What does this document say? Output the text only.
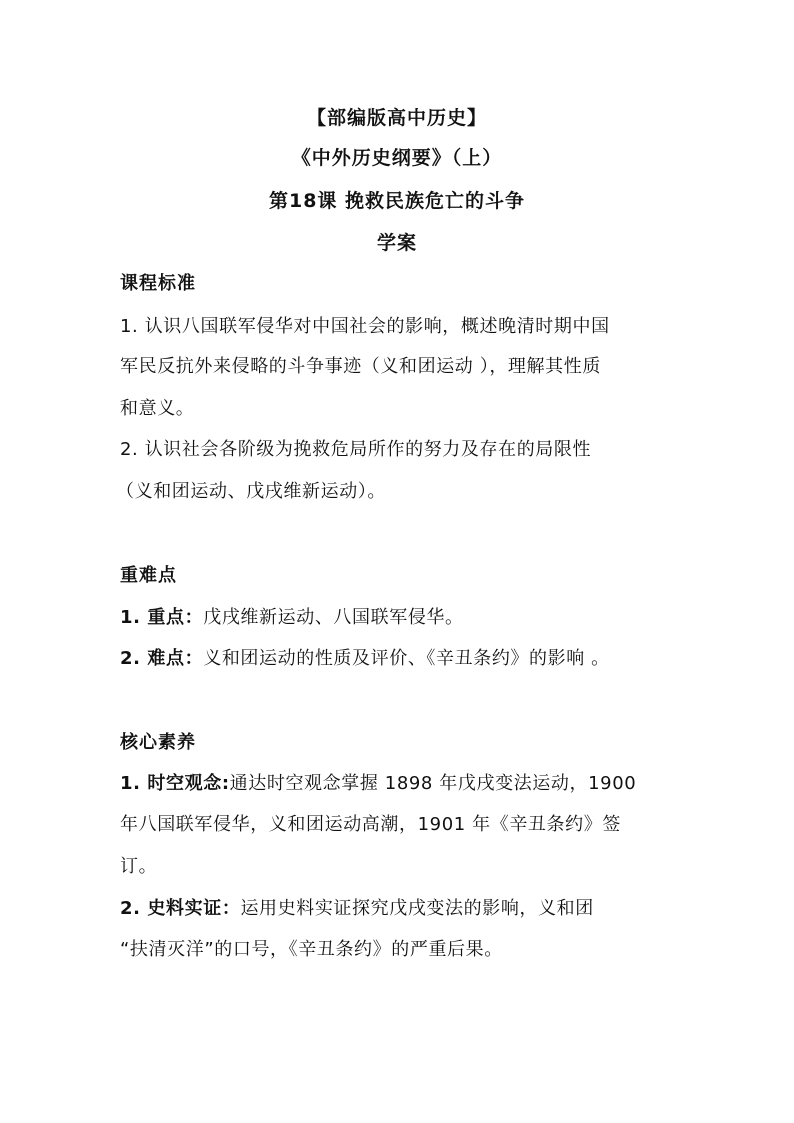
【部编版高中历史】
《中外历史纲要》（上）
第18课 挽救民族危亡的斗争
学案
课程标准
1. 认识八国联军侵华对中国社会的影响，概述晚清时期中国
军民反抗外来侵略的斗争事迹（义和团运动 ），理解其性质
和意义。
2. 认识社会各阶级为挽救危局所作的努力及存在的局限性
（义和团运动、戊戌维新运动）。
重难点
1. 重点：戊戌维新运动、八国联军侵华。
2. 难点：义和团运动的性质及评价、《辛丑条约》的影响 。
核心素养
1. 时空观念:通达时空观念掌握 1898 年戊戌变法运动，1900
年八国联军侵华，义和团运动高潮，1901 年《辛丑条约》签
订。
2. 史料实证：运用史料实证探究戊戌变法的影响，义和团
“扶清灭洋”的口号，《辛丑条约》的严重后果。
